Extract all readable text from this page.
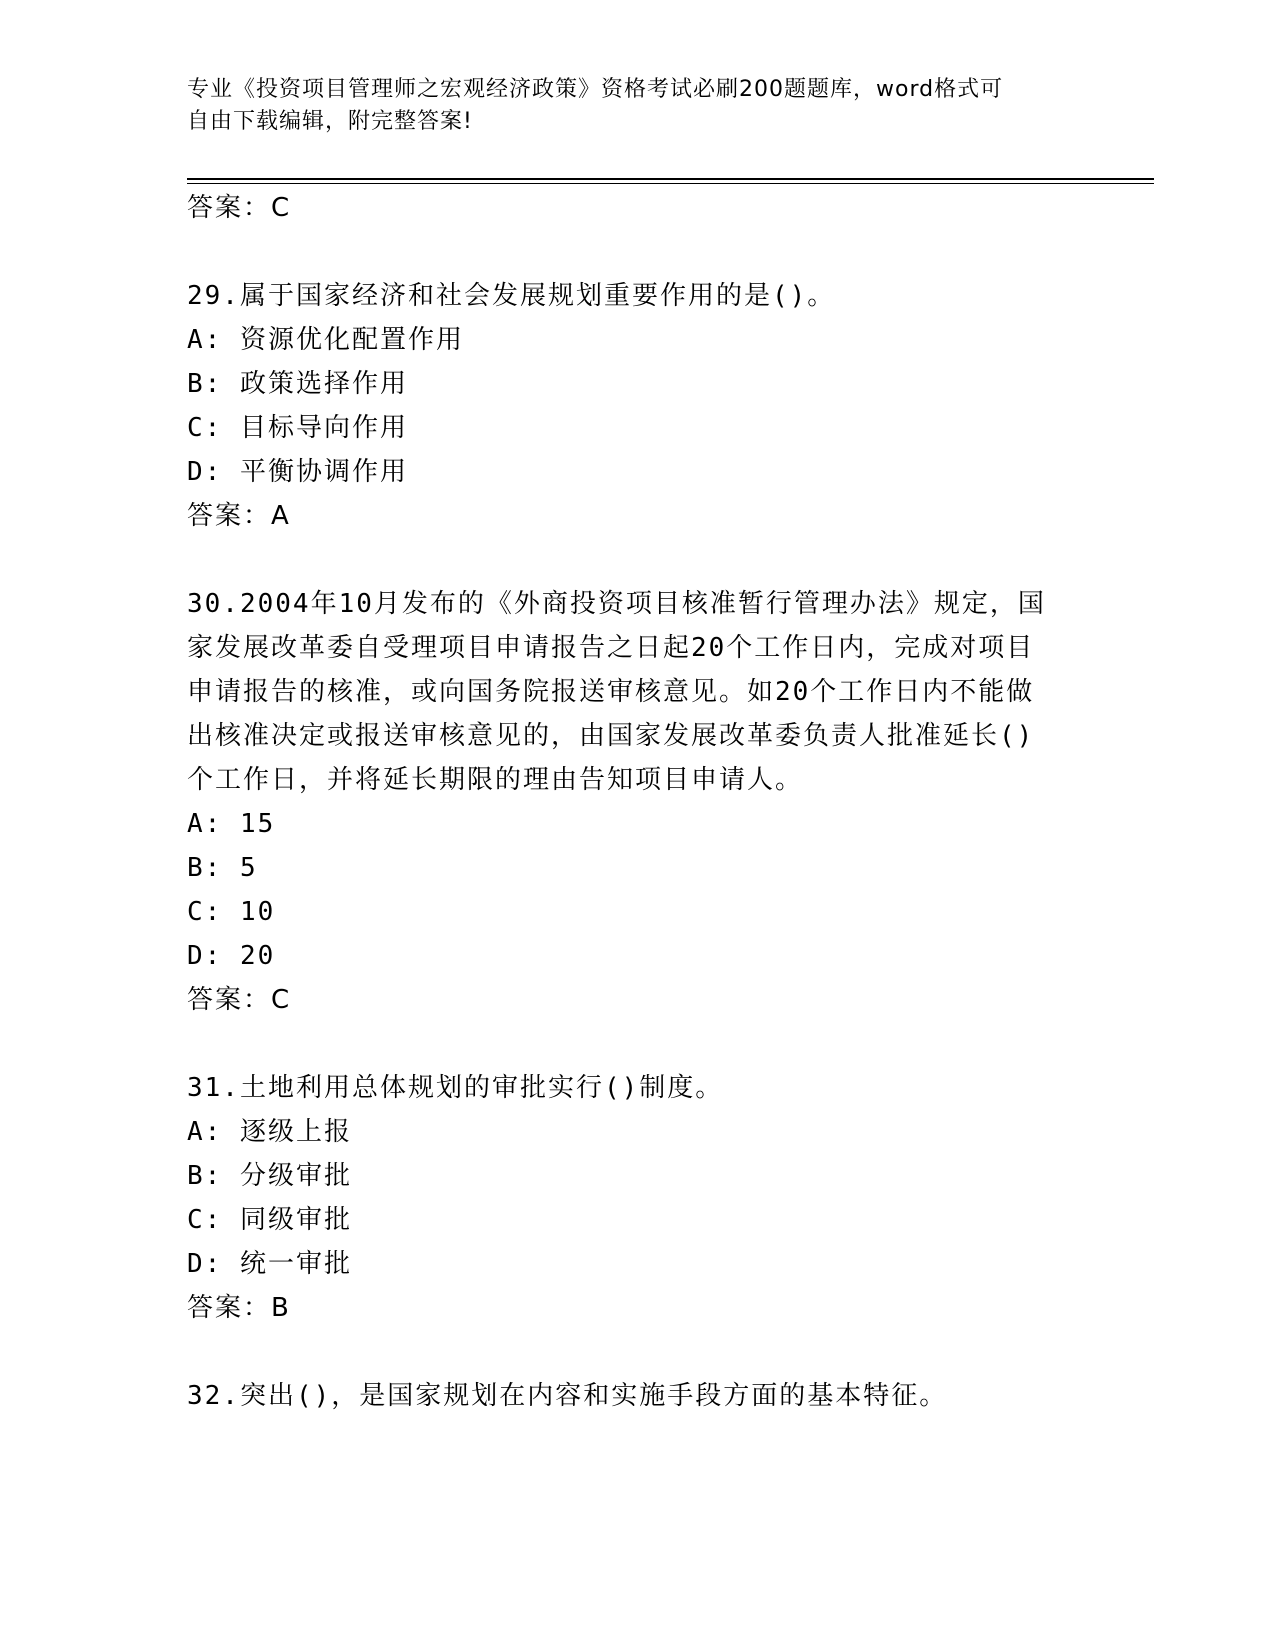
专业《投资项目管理师之宏观经济政策》资格考试必刷200题题库，word格式可
自由下载编辑，附完整答案!
答案：C
29.属于国家经济和社会发展规划重要作用的是()。
A: 资源优化配置作用
B: 政策选择作用
C: 目标导向作用
D: 平衡协调作用
答案：A
30.2004年10月发布的《外商投资项目核准暂行管理办法》规定，国
家发展改革委自受理项目申请报告之日起20个工作日内，完成对项目
申请报告的核准，或向国务院报送审核意见。如20个工作日内不能做
出核准决定或报送审核意见的，由国家发展改革委负责人批准延长()
个工作日，并将延长期限的理由告知项目申请人。
A: 15
B: 5
C: 10
D: 20
答案：C
31.土地利用总体规划的审批实行()制度。
A: 逐级上报
B: 分级审批
C: 同级审批
D: 统一审批
答案：B
32.突出()，是国家规划在内容和实施手段方面的基本特征。
